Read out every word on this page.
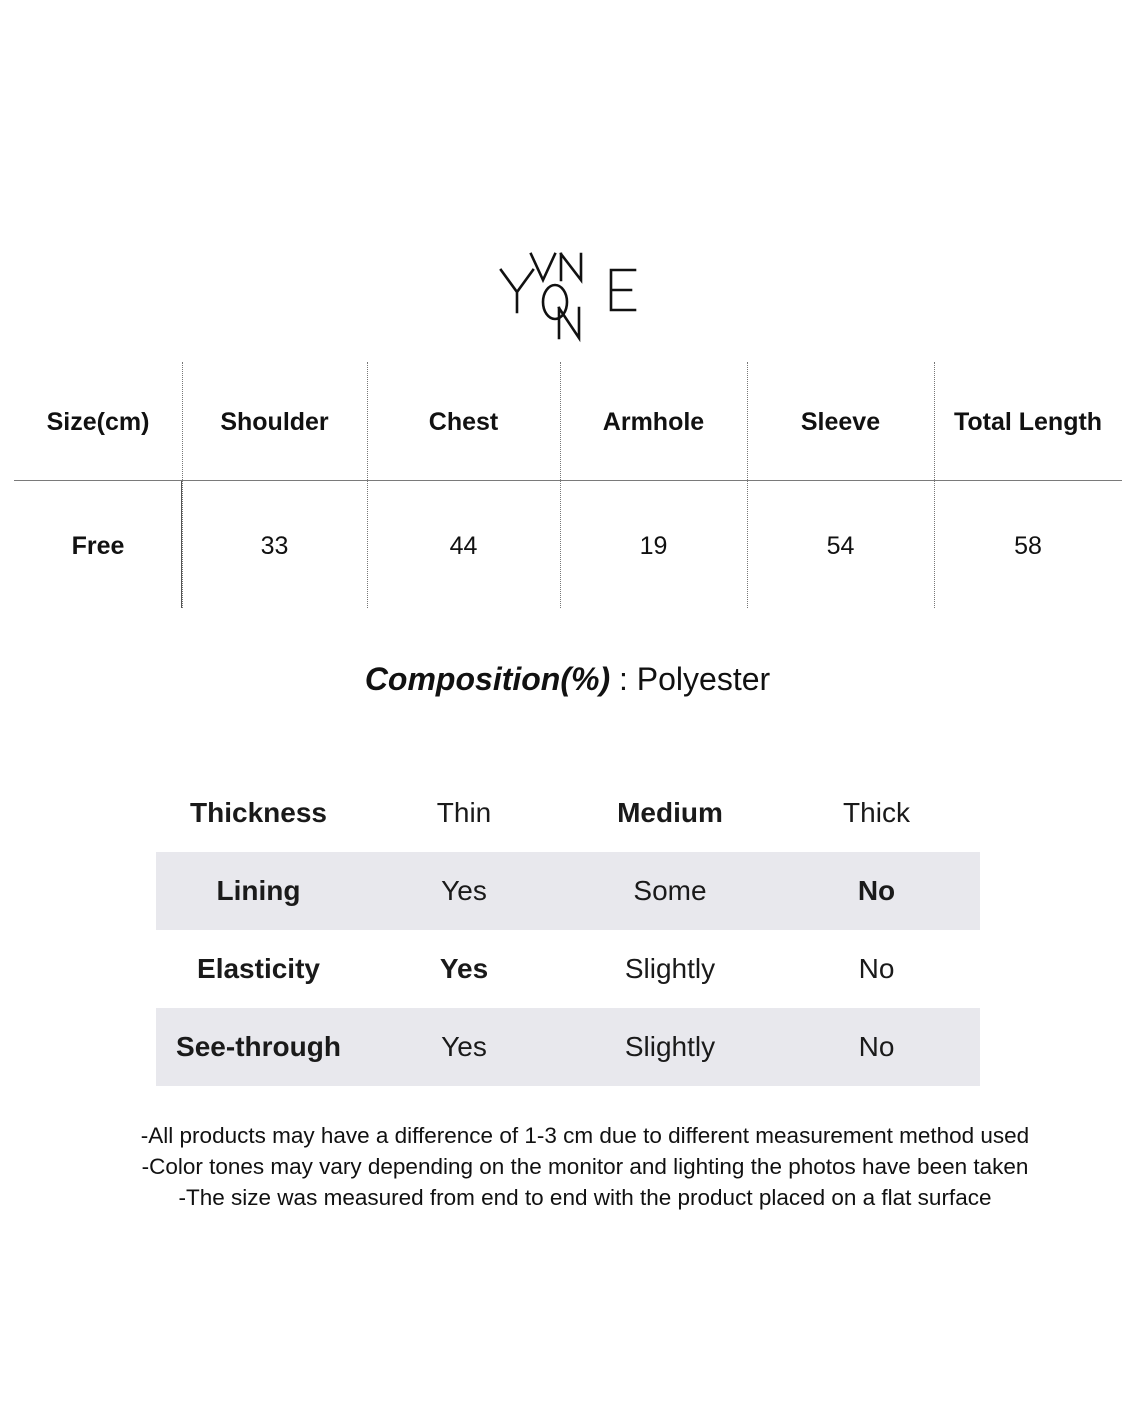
Size(cm)	Shoulder	Chest	Armhole	Sleeve	Total Length
Free	33	44	19	54	58
Composition(%) : Polyester
Thickness	Thin	Medium	Thick
Lining	Yes	Some	No
Elasticity	Yes	Slightly	No
See-through	Yes	Slightly	No
-All products may have a difference of 1-3 cm due to different measurement method used
-Color tones may vary depending on the monitor and lighting the photos have been taken
-The size was measured from end to end with the product placed on a flat surface
